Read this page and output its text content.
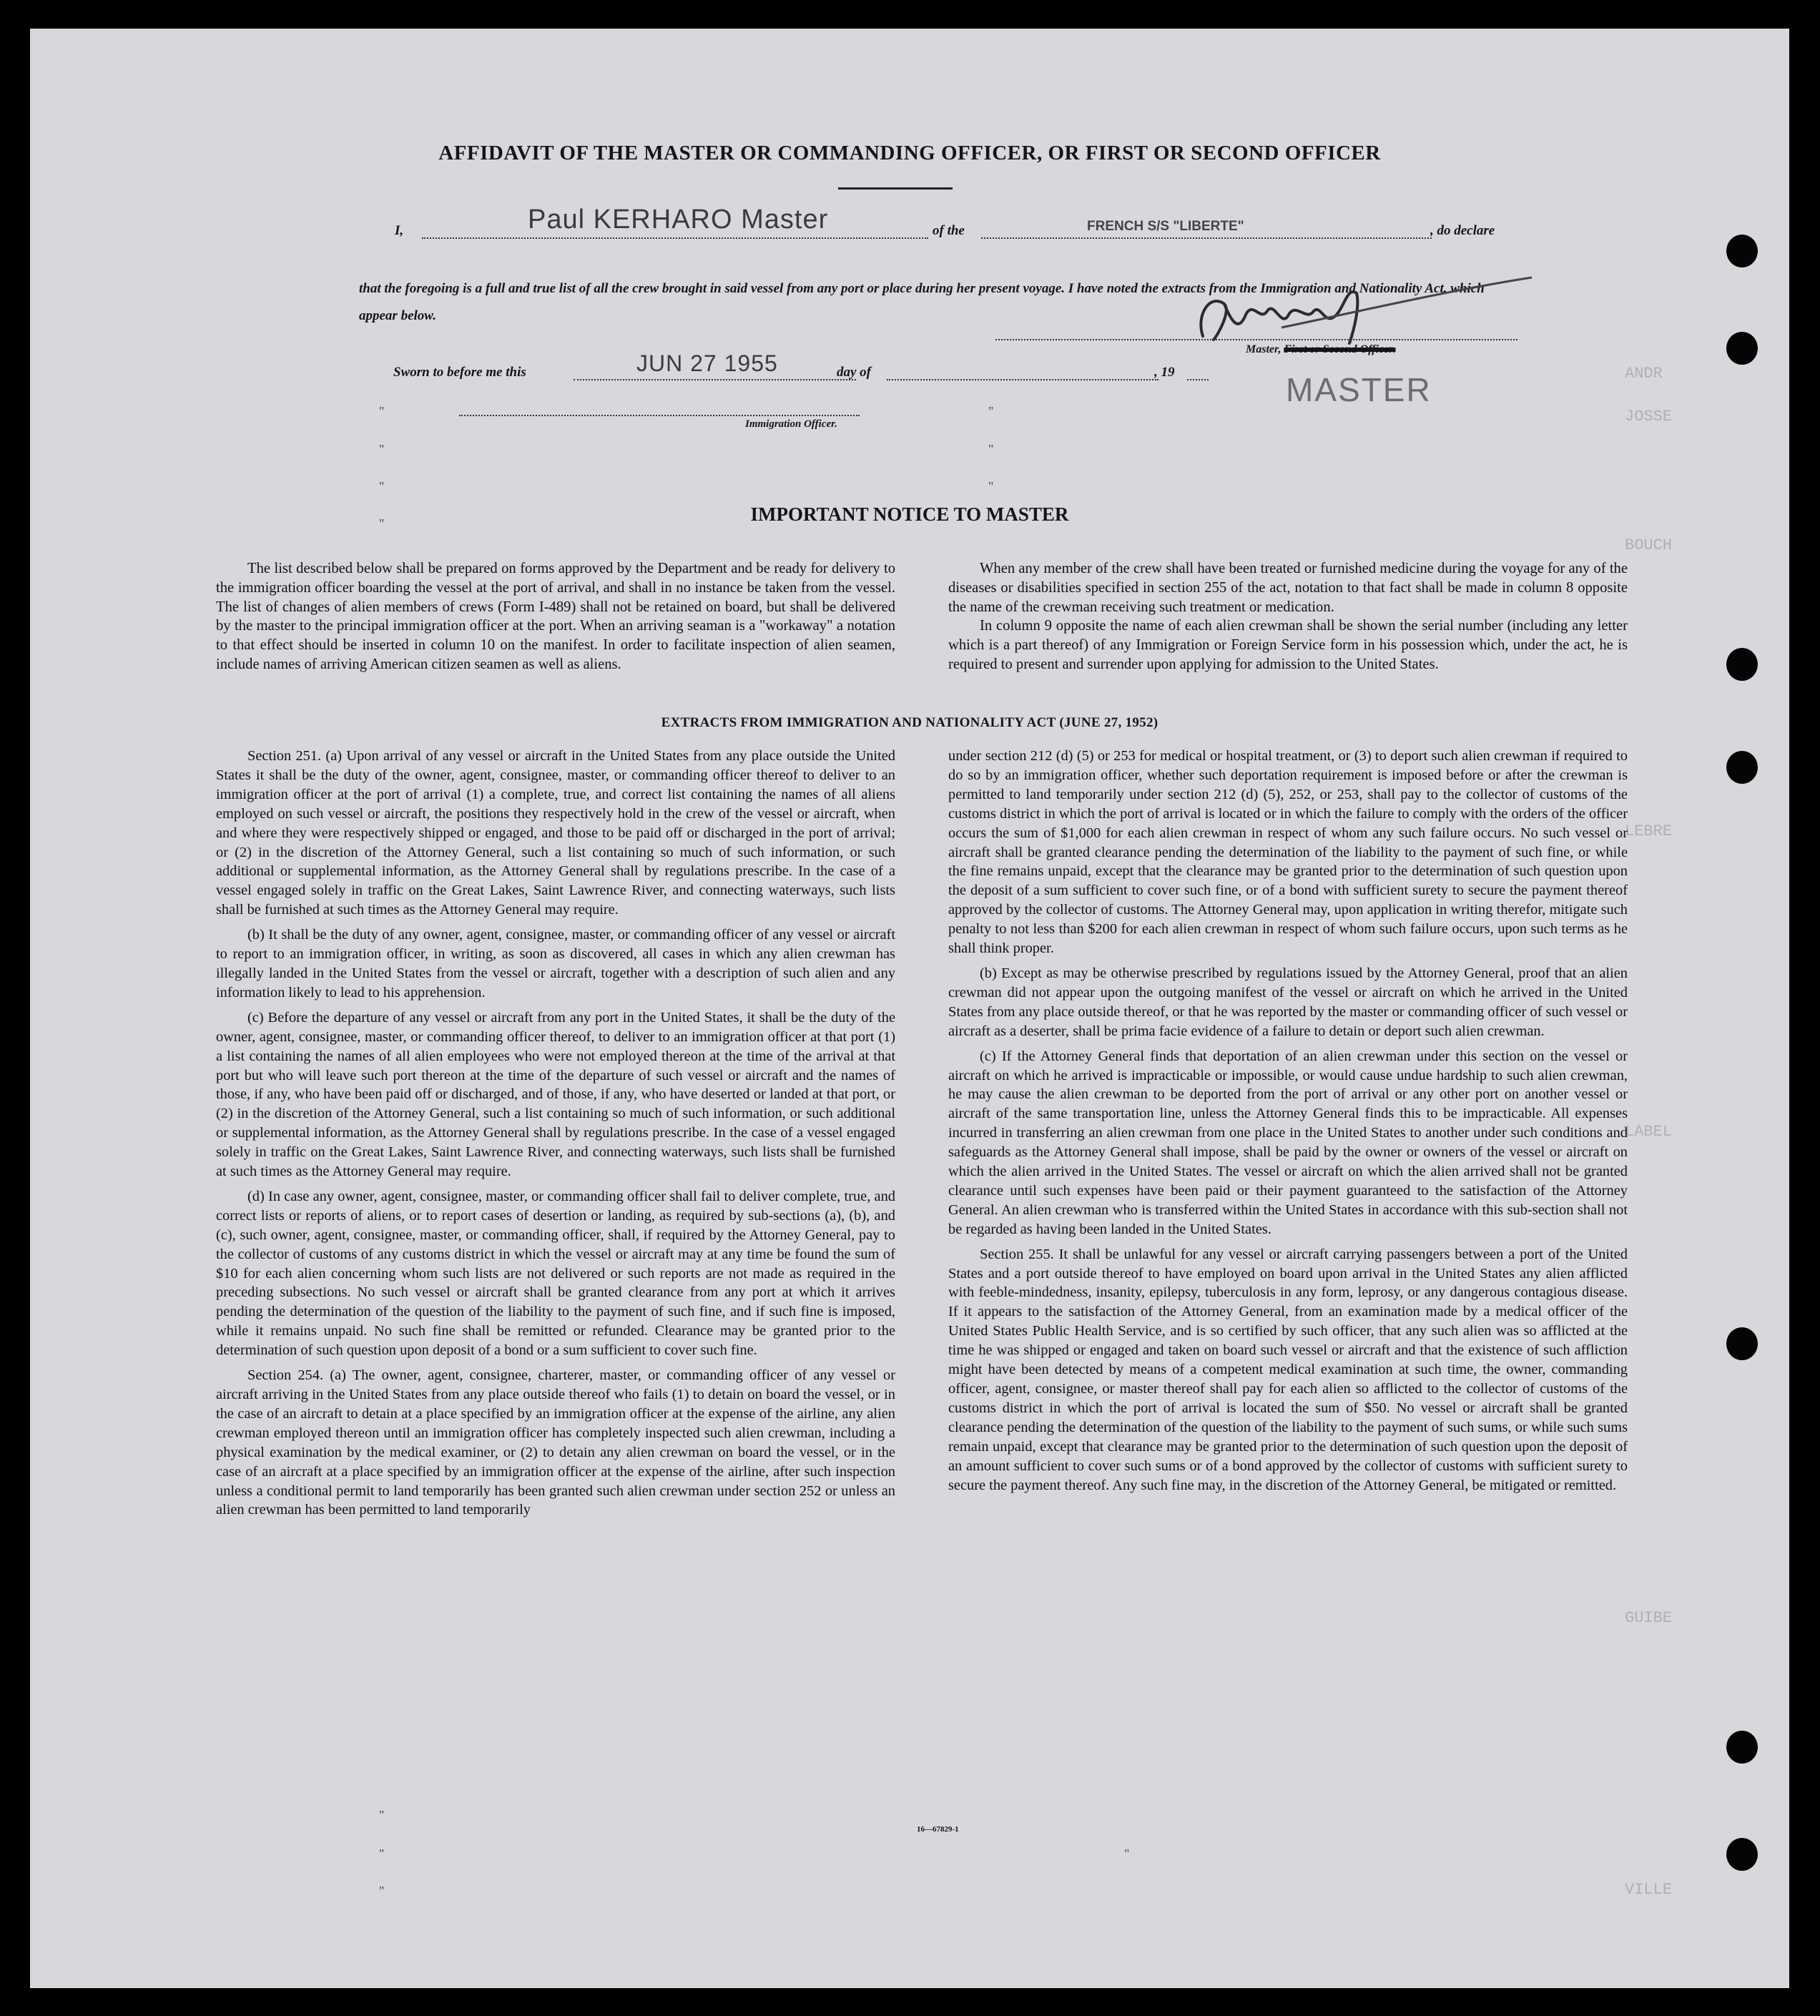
ANDR
JOSSE
BOUCH
LEBRE
LABEL
GUIBE
VILLE
AFFIDAVIT OF THE MASTER OR COMMANDING OFFICER, OR FIRST OR SECOND OFFICER
I,	Paul KERHARO Master	of the	FRENCH S/S "LIBERTE"	, do declare
that the foregoing is a full and true list of all the crew brought in said vessel from any port or place during her present voyage. I have noted the extracts from the Immigration and Nationality Act, which appear below.
Master, First or Second Officer.
MASTER
Sworn to before me this	JUN 27 1955	day of	, 19
Immigration Officer.
"
"
"
"
"
"
"
"
"
"
"
IMPORTANT NOTICE TO MASTER

The list described below shall be prepared on forms approved by the Department and be ready for delivery to the immigration officer boarding the vessel at the port of arrival, and shall in no instance be taken from the vessel. The list of changes of alien members of crews (Form I-489) shall not be retained on board, but shall be delivered by the master to the principal immigration officer at the port. When an arriving seaman is a "workaway" a notation to that effect should be inserted in column 10 on the manifest. In order to facilitate inspection of alien seamen, include names of arriving American citizen seamen as well as aliens.

When any member of the crew shall have been treated or furnished medicine during the voyage for any of the diseases or disabilities specified in section 255 of the act, notation to that fact shall be made in column 8 opposite the name of the crewman receiving such treatment or medication.

In column 9 opposite the name of each alien crewman shall be shown the serial number (including any letter which is a part thereof) of any Immigration or Foreign Service form in his possession which, under the act, he is required to present and surrender upon applying for admission to the United States.

EXTRACTS FROM IMMIGRATION AND NATIONALITY ACT (JUNE 27, 1952)

Section 251. (a) Upon arrival of any vessel or aircraft in the United States from any place outside the United States it shall be the duty of the owner, agent, consignee, master, or commanding officer thereof to deliver to an immigration officer at the port of arrival (1) a complete, true, and correct list containing the names of all aliens employed on such vessel or aircraft, the positions they respectively hold in the crew of the vessel or aircraft, when and where they were respectively shipped or engaged, and those to be paid off or discharged in the port of arrival; or (2) in the discretion of the Attorney General, such a list containing so much of such information, or such additional or supplemental information, as the Attorney General shall by regulations prescribe. In the case of a vessel engaged solely in traffic on the Great Lakes, Saint Lawrence River, and connecting waterways, such lists shall be furnished at such times as the Attorney General may require.

(b) It shall be the duty of any owner, agent, consignee, master, or commanding officer of any vessel or aircraft to report to an immigration officer, in writing, as soon as discovered, all cases in which any alien crewman has illegally landed in the United States from the vessel or aircraft, together with a description of such alien and any information likely to lead to his apprehension.

(c) Before the departure of any vessel or aircraft from any port in the United States, it shall be the duty of the owner, agent, consignee, master, or commanding officer thereof, to deliver to an immigration officer at that port (1) a list containing the names of all alien employees who were not employed thereon at the time of the arrival at that port but who will leave such port thereon at the time of the departure of such vessel or aircraft and the names of those, if any, who have been paid off or discharged, and of those, if any, who have deserted or landed at that port, or (2) in the discretion of the Attorney General, such a list containing so much of such information, or such additional or supplemental information, as the Attorney General shall by regulations prescribe. In the case of a vessel engaged solely in traffic on the Great Lakes, Saint Lawrence River, and connecting waterways, such lists shall be furnished at such times as the Attorney General may require.

(d) In case any owner, agent, consignee, master, or commanding officer shall fail to deliver complete, true, and correct lists or reports of aliens, or to report cases of desertion or landing, as required by sub-sections (a), (b), and (c), such owner, agent, consignee, master, or commanding officer, shall, if required by the Attorney General, pay to the collector of customs of any customs district in which the vessel or aircraft may at any time be found the sum of $10 for each alien concerning whom such lists are not delivered or such reports are not made as required in the preceding subsections. No such vessel or aircraft shall be granted clearance from any port at which it arrives pending the determination of the question of the liability to the payment of such fine, and if such fine is imposed, while it remains unpaid. No such fine shall be remitted or refunded. Clearance may be granted prior to the determination of such question upon deposit of a bond or a sum sufficient to cover such fine.

Section 254. (a) The owner, agent, consignee, charterer, master, or commanding officer of any vessel or aircraft arriving in the United States from any place outside thereof who fails (1) to detain on board the vessel, or in the case of an aircraft to detain at a place specified by an immigration officer at the expense of the airline, any alien crewman employed thereon until an immigration officer has completely inspected such alien crewman, including a physical examination by the medical examiner, or (2) to detain any alien crewman on board the vessel, or in the case of an aircraft at a place specified by an immigration officer at the expense of the airline, after such inspection unless a conditional permit to land temporarily has been granted such alien crewman under section 252 or unless an alien crewman has been permitted to land temporarily

under section 212 (d) (5) or 253 for medical or hospital treatment, or (3) to deport such alien crewman if required to do so by an immigration officer, whether such deportation requirement is imposed before or after the crewman is permitted to land temporarily under section 212 (d) (5), 252, or 253, shall pay to the collector of customs of the customs district in which the port of arrival is located or in which the failure to comply with the orders of the officer occurs the sum of $1,000 for each alien crewman in respect of whom any such failure occurs. No such vessel or aircraft shall be granted clearance pending the determination of the liability to the payment of such fine, or while the fine remains unpaid, except that the clearance may be granted prior to the determination of such question upon the deposit of a sum sufficient to cover such fine, or of a bond with sufficient surety to secure the payment thereof approved by the collector of customs. The Attorney General may, upon application in writing therefor, mitigate such penalty to not less than $200 for each alien crewman in respect of whom such failure occurs, upon such terms as he shall think proper.

(b) Except as may be otherwise prescribed by regulations issued by the Attorney General, proof that an alien crewman did not appear upon the outgoing manifest of the vessel or aircraft on which he arrived in the United States from any place outside thereof, or that he was reported by the master or commanding officer of such vessel or aircraft as a deserter, shall be prima facie evidence of a failure to detain or deport such alien crewman.

(c) If the Attorney General finds that deportation of an alien crewman under this section on the vessel or aircraft on which he arrived is impracticable or impossible, or would cause undue hardship to such alien crewman, he may cause the alien crewman to be deported from the port of arrival or any other port on another vessel or aircraft of the same transportation line, unless the Attorney General finds this to be impracticable. All expenses incurred in transferring an alien crewman from one place in the United States to another under such conditions and safeguards as the Attorney General shall impose, shall be paid by the owner or owners of the vessel or aircraft on which the alien arrived in the United States. The vessel or aircraft on which the alien arrived shall not be granted clearance until such expenses have been paid or their payment guaranteed to the satisfaction of the Attorney General. An alien crewman who is transferred within the United States in accordance with this sub-section shall not be regarded as having been landed in the United States.

Section 255. It shall be unlawful for any vessel or aircraft carrying passengers between a port of the United States and a port outside thereof to have employed on board upon arrival in the United States any alien afflicted with feeble-mindedness, insanity, epilepsy, tuberculosis in any form, leprosy, or any dangerous contagious disease. If it appears to the satisfaction of the Attorney General, from an examination made by a medical officer of the United States Public Health Service, and is so certified by such officer, that any such alien was so afflicted at the time he was shipped or engaged and taken on board such vessel or aircraft and that the existence of such affliction might have been detected by means of a competent medical examination at such time, the owner, commanding officer, agent, consignee, or master thereof shall pay for each alien so afflicted to the collector of customs of the customs district in which the port of arrival is located the sum of $50. No vessel or aircraft shall be granted clearance pending the determination of the question of the liability to the payment of such sums, or while such sums remain unpaid, except that clearance may be granted prior to the determination of such question upon the deposit of an amount sufficient to cover such sums or of a bond approved by the collector of customs with sufficient surety to secure the payment thereof. Any such fine may, in the discretion of the Attorney General, be mitigated or remitted.

16—67829-1
